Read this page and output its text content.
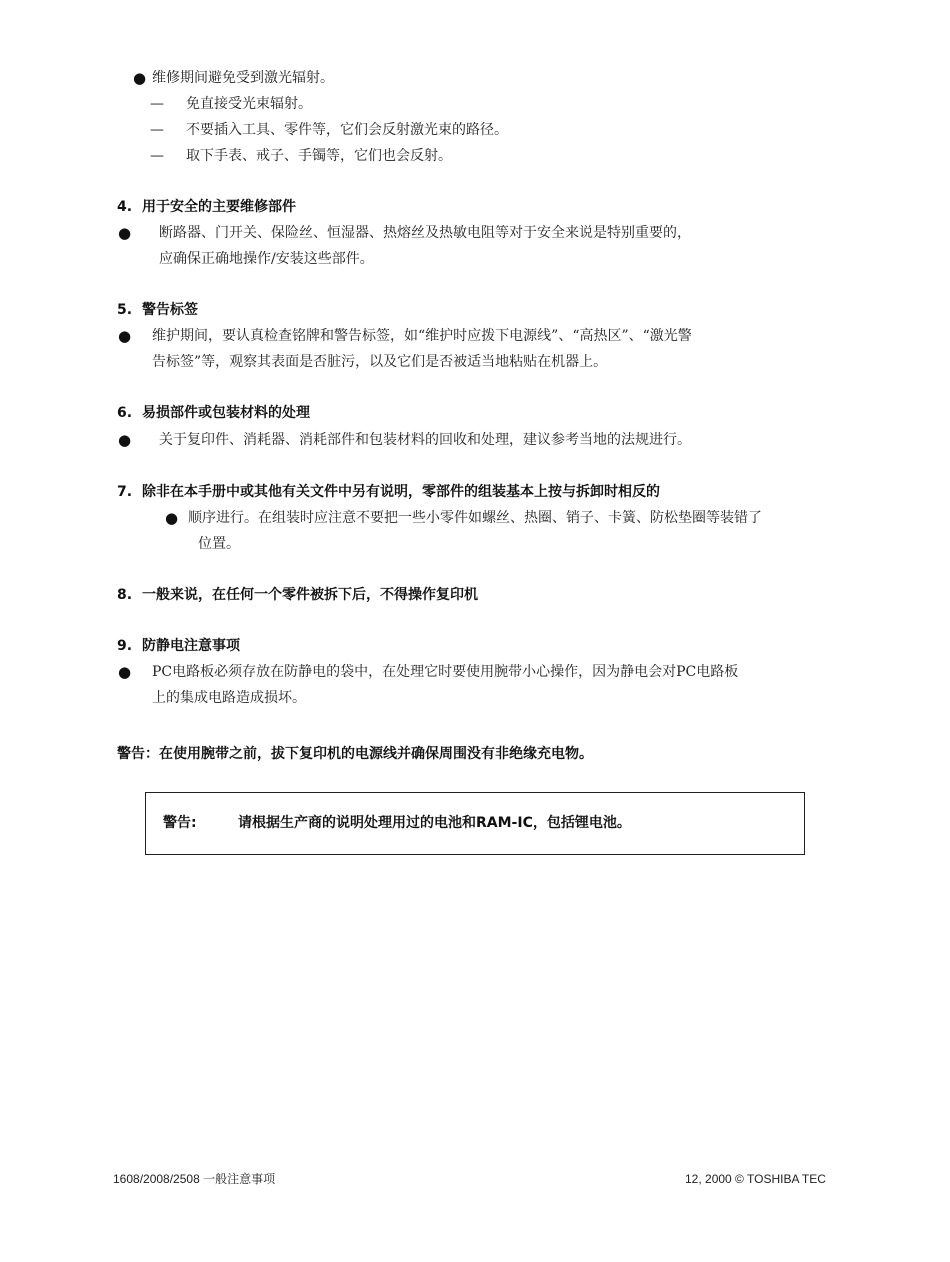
● 维修期间避免受到激光辐射。
— 免直接受光束辐射。
— 不要插入工具、零件等，它们会反射激光束的路径。
— 取下手表、戒子、手镯等，它们也会反射。
4. 用于安全的主要维修部件
● 断路器、门开关、保险丝、恒湿器、热熔丝及热敏电阻等对于安全来说是特别重要的，
应确保正确地操作/安装这些部件。
5. 警告标签
● 维护期间，要认真检查铭牌和警告标签，如“维护时应拨下电源线”、“高热区”、“激光警
告标签”等，观察其表面是否脏污，以及它们是否被适当地粘贴在机器上。
6. 易损部件或包装材料的处理
● 关于复印件、消耗器、消耗部件和包装材料的回收和处理，建议参考当地的法规进行。
7. 除非在本手册中或其他有关文件中另有说明，零部件的组装基本上按与拆卸时相反的
● 顺序进行。在组装时应注意不要把一些小零件如螺丝、热圈、销子、卡簧、防松垫圈等装错了
位置。
8. 一般来说，在任何一个零件被拆下后，不得操作复印机
9. 防静电注意事项
● PC电路板必须存放在防静电的袋中，在处理它时要使用腕带小心操作，因为静电会对PC电路板
上的集成电路造成损坏。
警告：在使用腕带之前，拔下复印机的电源线并确保周围没有非绝缘充电物。
警告:	请根据生产商的说明处理用过的电池和RAM-IC，包括锂电池。
1608/2008/2508 一般注意事项	12, 2000 © TOSHIBA TEC
